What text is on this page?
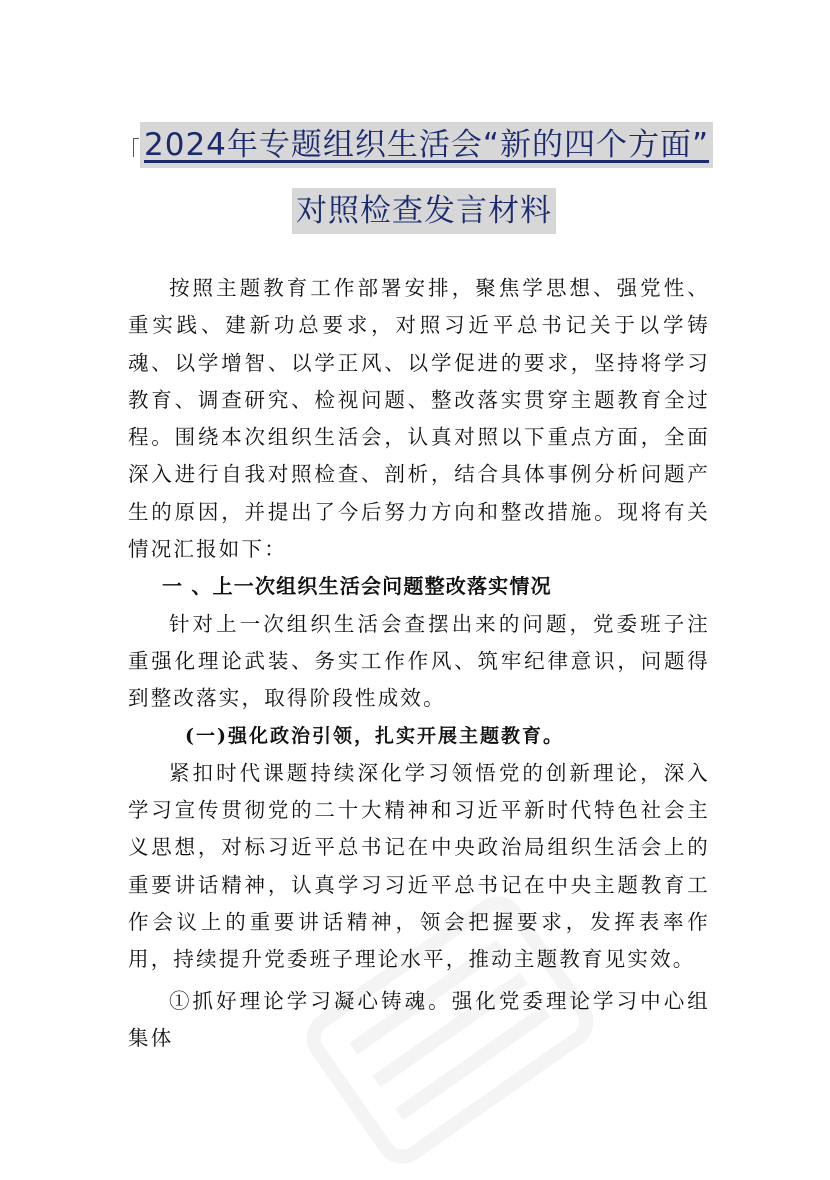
2024年专题组织生活会“新的四个方面”
对照检查发言材料

按照主题教育工作部署安排，聚焦学思想、强党性、重实践、建新功总要求，对照习近平总书记关于以学铸魂、以学增智、以学正风、以学促进的要求，坚持将学习教育、调查研究、检视问题、整改落实贯穿主题教育全过程。围绕本次组织生活会，认真对照以下重点方面，全面深入进行自我对照检查、剖析，结合具体事例分析问题产生的原因，并提出了今后努力方向和整改措施。现将有关情况汇报如下：

一 、上一次组织生活会问题整改落实情况

针对上一次组织生活会查摆出来的问题，党委班子注重强化理论武装、务实工作作风、筑牢纪律意识，问题得到整改落实，取得阶段性成效。

(一)强化政治引领，扎实开展主题教育。

紧扣时代课题持续深化学习领悟党的创新理论，深入学习宣传贯彻党的二十大精神和习近平新时代特色社会主义思想，对标习近平总书记在中央政治局组织生活会上的重要讲话精神，认真学习习近平总书记在中央主题教育工作会议上的重要讲话精神，领会把握要求，发挥表率作用，持续提升党委班子理论水平，推动主题教育见实效。

①抓好理论学习凝心铸魂。强化党委理论学习中心组集体
